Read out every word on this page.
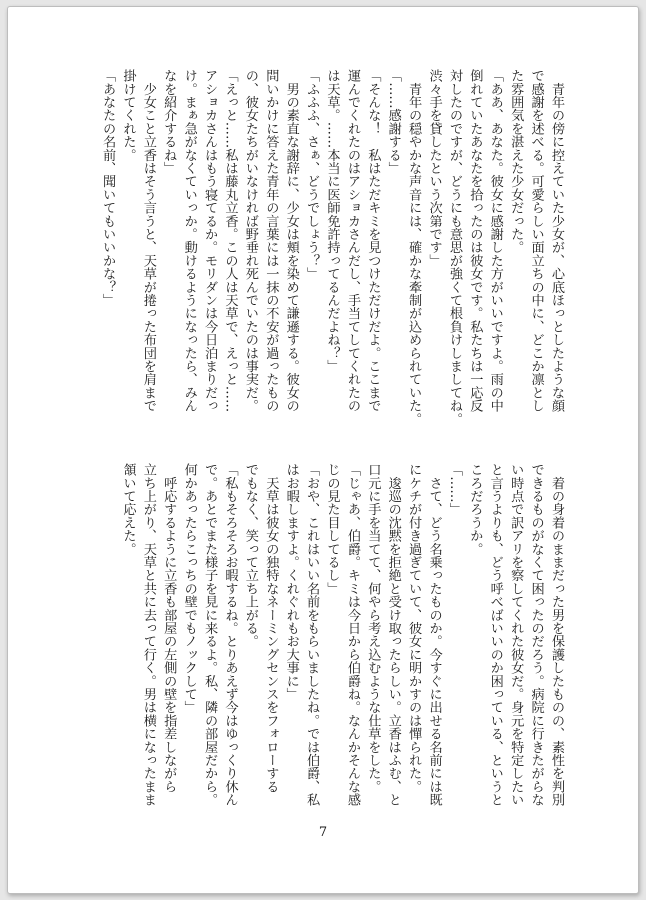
　青年の傍に控えていた少女が、心底ほっとしたような顔

で感謝を述べる。可愛らしい面立ちの中に、どこか凛とし

た雰囲気を湛えた少女だった。

「ああ、あなた。彼女に感謝した方がいいですよ。雨の中

倒れていたあなたを拾ったのは彼女です。私たちは一応反

対したのですが、どうにも意思が強くて根負けしましてね。

渋々手を貸したという次第です」

　青年の穏やかな声音には、確かな牽制が込められていた。

「……感謝する」

「そんな！　私はただキミを見つけただけだよ。ここまで

運んでくれたのはアショカさんだし、手当てしてくれたの

は天草。……本当に医師免許持ってるんだよね？」

「ふふふ、さぁ、どうでしょう？」

　男の素直な謝辞に、少女は頬を染めて謙遜する。彼女の

問いかけに答えた青年の言葉には一抹の不安が過ったもの

の、彼女たちがいなければ野垂れ死んでいたのは事実だ。

「えっと……私は藤丸立香。この人は天草で、えっと……

アショカさんはもう寝てるか。モリダンは今日泊まりだっ

け。まぁ急がなくていっか。動けるようになったら、みん

なを紹介するね」

　少女こと立香はそう言うと、天草が捲った布団を肩まで

掛けてくれた。

「あなたの名前、聞いてもいいかな？」

　着の身着のままだった男を保護したものの、素性を判別

できるものがなくて困ったのだろう。病院に行きたがらな

い時点で訳アリを察してくれた彼女だ。身元を特定したい

と言うよりも、どう呼べばいいのか困っている、というと

ころだろうか。

「……」

　さて、どう名乗ったものか。今すぐに出せる名前には既

にケチが付き過ぎていて、彼女に明かすのは憚られた。

　逡巡の沈黙を拒絶と受け取ったらしい。立香はふむ、と

口元に手を当てて、何やら考え込むような仕草をした。

「じゃあ、伯爵。キミは今日から伯爵ね。なんかそんな感

じの見た目してるし」

「おや、これはいい名前をもらいましたね。では伯爵、私

はお暇しますよ。くれぐれもお大事に」

　天草は彼女の独特なネーミングセンスをフォローする

でもなく、笑って立ち上がる。

「私もそろそろお暇するね。とりあえず今はゆっくり休ん

で。あとでまた様子を見に来るよ。私、隣の部屋だから。

何かあったらこっちの壁でもノックして」

　呼応するように立香も部屋の左側の壁を指差しながら

立ち上がり、天草と共に去って行く。男は横になったまま

頷いて応えた。

7
